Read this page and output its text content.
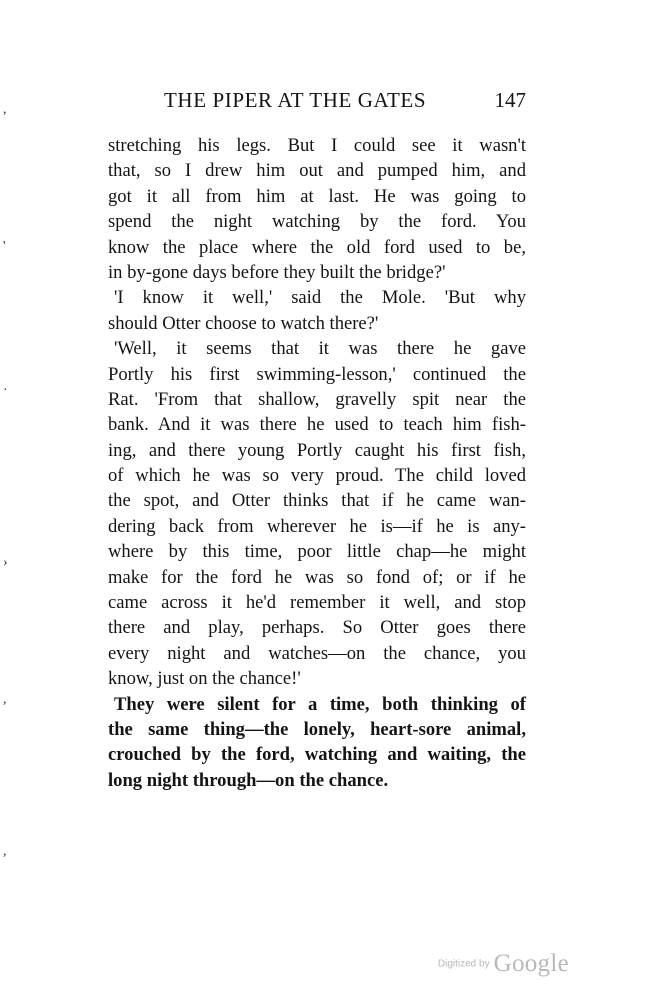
THE PIPER AT THE GATES	147
,
'
·
›
,
,
stretching his legs. But I could see it wasn't
that, so I drew him out and pumped him, and
got it all from him at last. He was going to
spend the night watching by the ford. You
know the place where the old ford used to be,
in by-gone days before they built the bridge?'
'I know it well,' said the Mole. 'But why
should Otter choose to watch there?'
'Well, it seems that it was there he gave
Portly his first swimming-lesson,' continued the
Rat. 'From that shallow, gravelly spit near the
bank. And it was there he used to teach him fish-
ing, and there young Portly caught his first fish,
of which he was so very proud. The child loved
the spot, and Otter thinks that if he came wan-
dering back from wherever he is—if he is any-
where by this time, poor little chap—he might
make for the ford he was so fond of; or if he
came across it he'd remember it well, and stop
there and play, perhaps. So Otter goes there
every night and watches—on the chance, you
know, just on the chance!'
They were silent for a time, both thinking of
the same thing—the lonely, heart-sore animal,
crouched by the ford, watching and waiting, the
long night through—on the chance.
Digitized by Google
